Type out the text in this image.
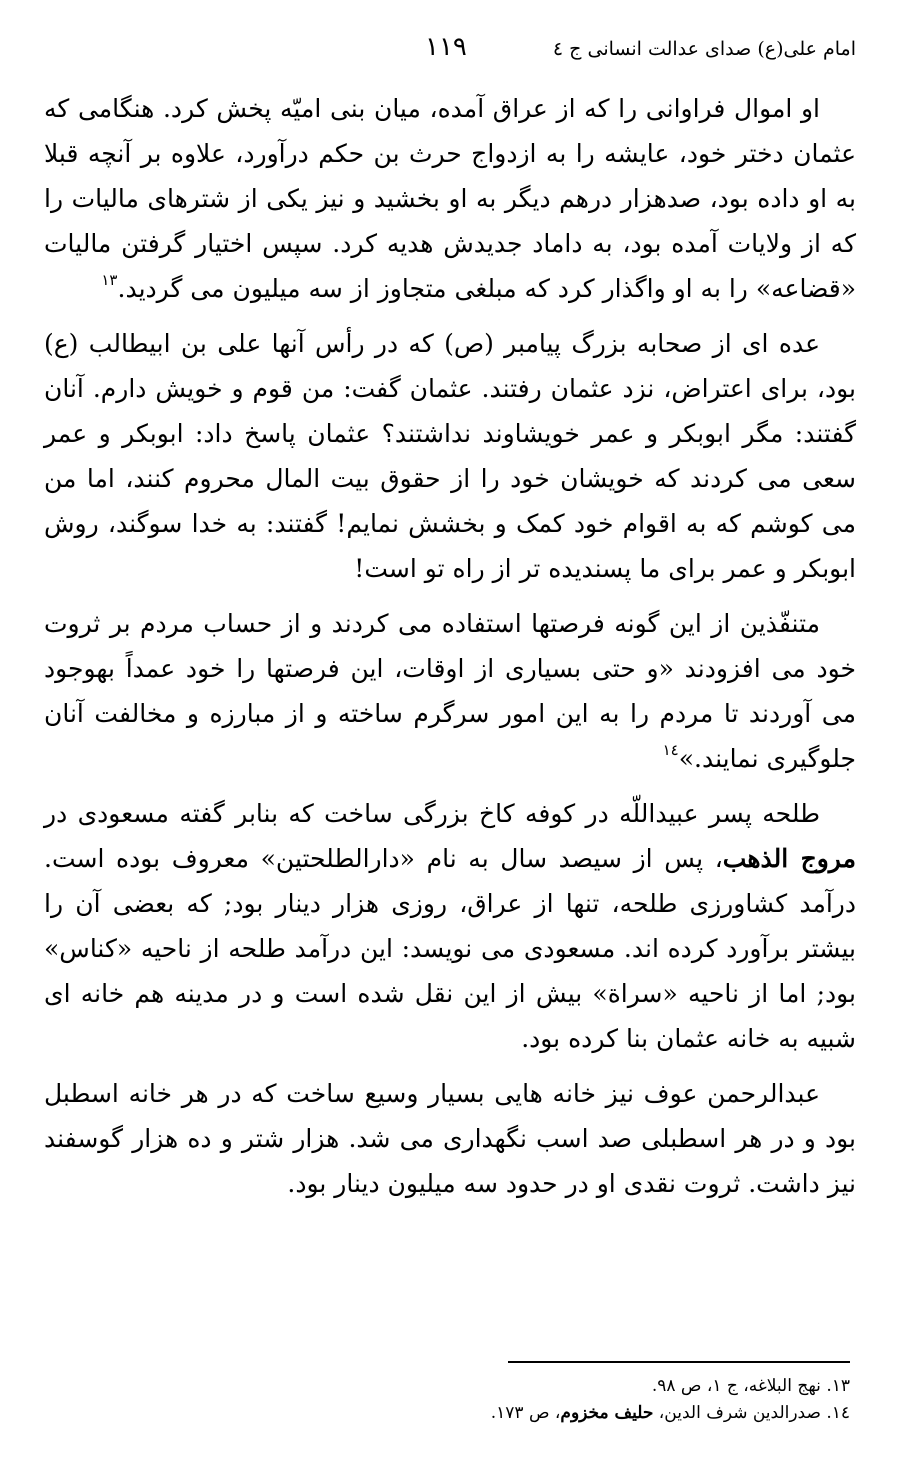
امام علی(ع) صدای عدالت انسانی ج ٤
۱۱۹

او اموال فراوانی را که از عراق آمده، میان بنی امیّه پخش کرد. هنگامی که عثمان دختر خود، عایشه را به ازدواج حرث بن حکم درآورد، علاوه بر آنچه قبلا به او داده بود، صدهزار درهم دیگر به او بخشید و نیز یکی از شترهای مالیات را که از ولایات آمده بود، به داماد جدیدش هدیه کرد. سپس اختیار گرفتن مالیات «قضاعه» را به او واگذار کرد که مبلغی متجاوز از سه میلیون می گردید.$^{۱۳}$

عده ای از صحابه بزرگ پیامبر (ص) که در رأس آنها علی بن ابیطالب (ع) بود، برای اعتراض، نزد عثمان رفتند. عثمان گفت: من قوم و خویش دارم. آنان گفتند: مگر ابوبکر و عمر خویشاوند نداشتند؟ عثمان پاسخ داد: ابوبکر و عمر سعی می کردند که خویشان خود را از حقوق بیت المال محروم کنند، اما من می کوشم که به اقوام خود کمک و بخشش نمایم! گفتند: به خدا سوگند، روش ابوبکر و عمر برای ما پسندیده تر از راه تو است!

متنفّذین از این گونه فرصتها استفاده می کردند و از حساب مردم بر ثروت خود می افزودند «و حتی بسیاری از اوقات، این فرصتها را خود عمداً بهوجود می آوردند تا مردم را به این امور سرگرم ساخته و از مبارزه و مخالفت آنان جلوگیری نمایند.»$^{۱٤}$

طلحه پسر عبیداللّه در کوفه کاخ بزرگی ساخت که بنابر گفته مسعودی در مروج الذهب، پس از سیصد سال به نام «دارالطلحتین» معروف بوده است. درآمد کشاورزی طلحه، تنها از عراق، روزی هزار دینار بود; که بعضی آن را بیشتر برآورد کرده اند. مسعودی می نویسد: این درآمد طلحه از ناحیه «کناس» بود; اما از ناحیه «سراة» بیش از این نقل شده است و در مدینه هم خانه ای شبیه به خانه عثمان بنا کرده بود.

عبدالرحمن عوف نیز خانه هایی بسیار وسیع ساخت که در هر خانه اسطبل بود و در هر اسطبلی صد اسب نگهداری می شد. هزار شتر و ده هزار گوسفند نیز داشت. ثروت نقدی او در حدود سه میلیون دینار بود.

۱۳. نهج البلاغه، ج ۱، ص ۹۸.
١٤. صدرالدین شرف الدین، حلیف مخزوم، ص ۱۷۳.
